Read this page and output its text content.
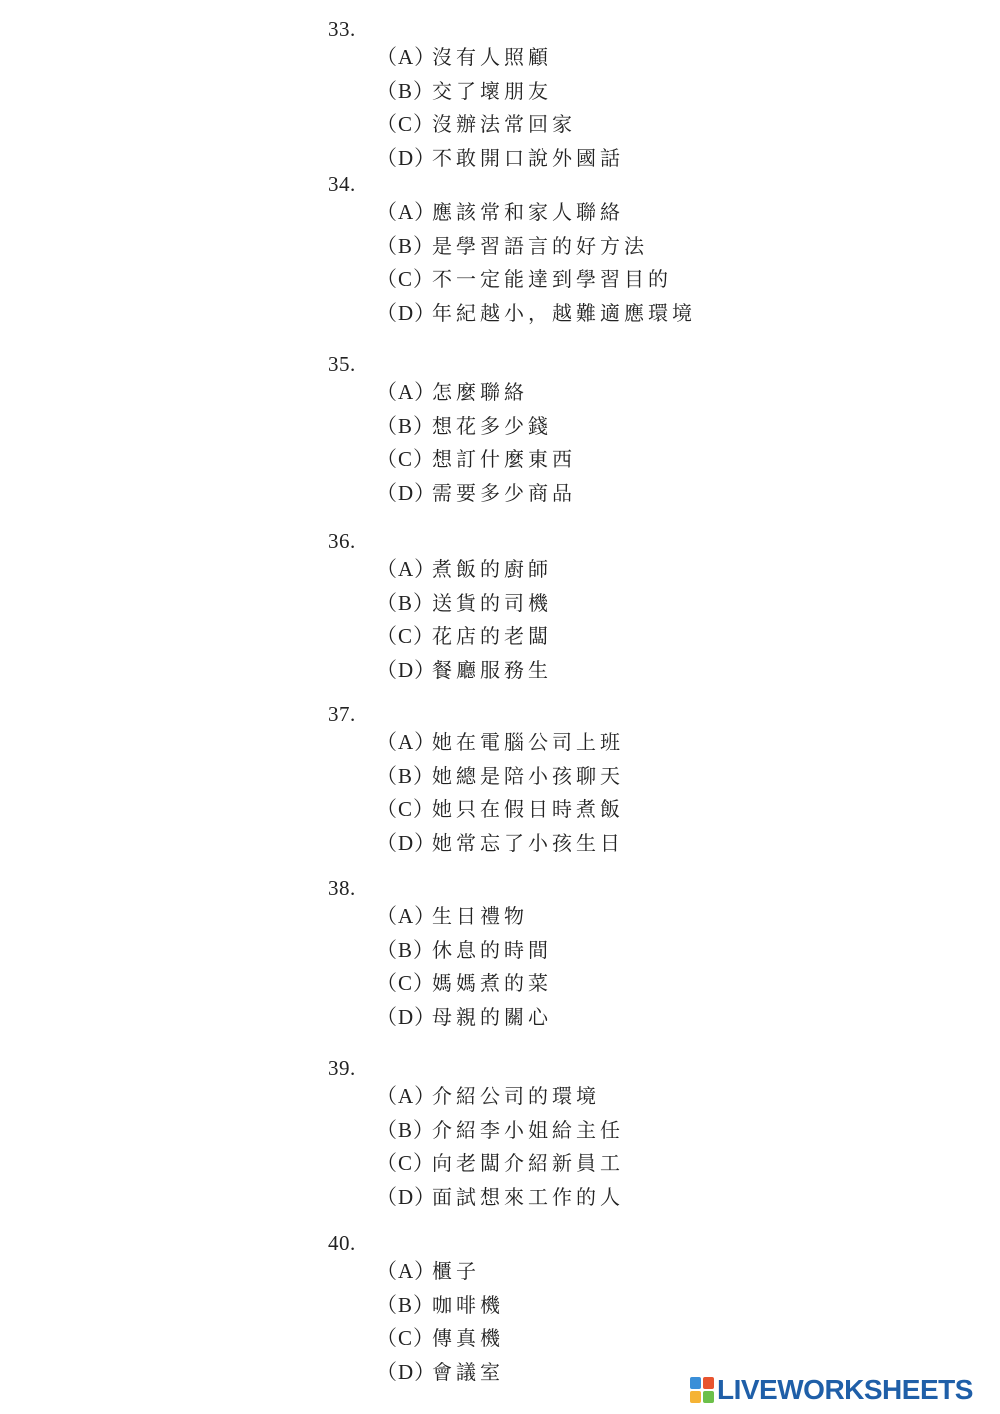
33.
（A）
沒有人照顧
（B）
交了壞朋友
（C）
沒辦法常回家
（D）
不敢開口說外國話
34.
（A）
應該常和家人聯絡
（B）
是學習語言的好方法
（C）
不一定能達到學習目的
（D）
年紀越小，越難適應環境
35.
（A）
怎麼聯絡
（B）
想花多少錢
（C）
想訂什麼東西
（D）
需要多少商品
36.
（A）
煮飯的廚師
（B）
送貨的司機
（C）
花店的老闆
（D）
餐廳服務生
37.
（A）
她在電腦公司上班
（B）
她總是陪小孩聊天
（C）
她只在假日時煮飯
（D）
她常忘了小孩生日
38.
（A）
生日禮物
（B）
休息的時間
（C）
媽媽煮的菜
（D）
母親的關心
39.
（A）
介紹公司的環境
（B）
介紹李小姐給主任
（C）
向老闆介紹新員工
（D）
面試想來工作的人
40.
（A）
櫃子
（B）
咖啡機
（C）
傳真機
（D）
會議室
LIVEWORKSHEETS
